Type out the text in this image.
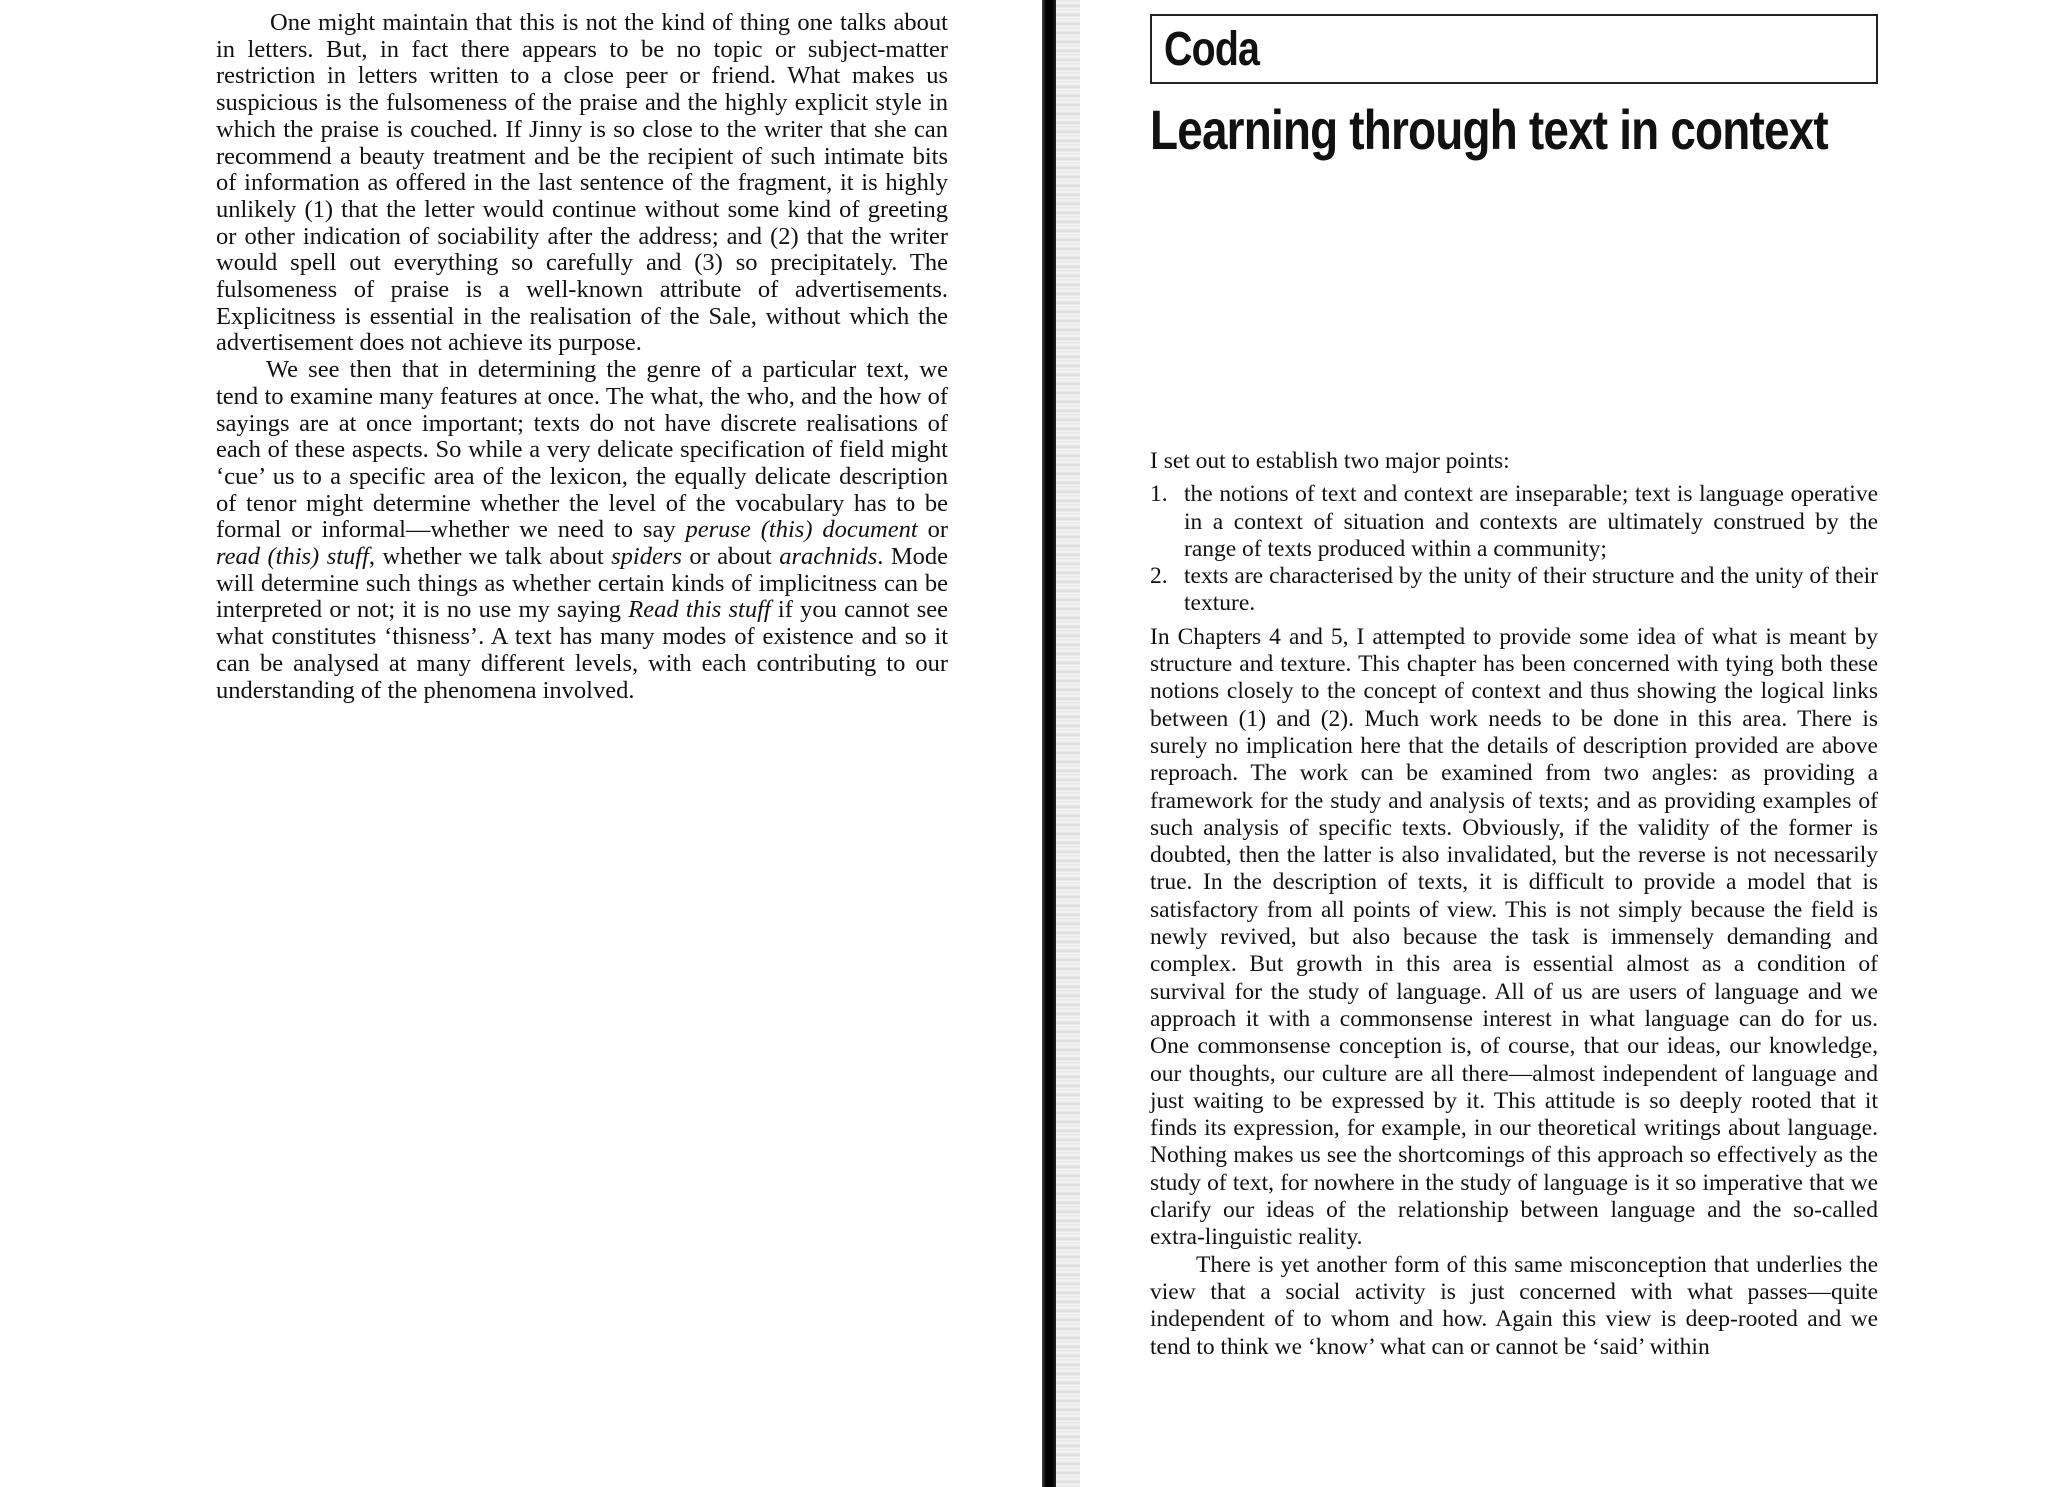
One might maintain that this is not the kind of thing one talks about in letters. But, in fact there appears to be no topic or subject-matter restriction in letters written to a close peer or friend. What makes us suspicious is the fulsomeness of the praise and the highly explicit style in which the praise is couched. If Jinny is so close to the writer that she can recommend a beauty treatment and be the recipient of such intimate bits of information as offered in the last sentence of the fragment, it is highly unlikely (1) that the letter would continue without some kind of greeting or other indication of sociability after the address; and (2) that the writer would spell out everything so carefully and (3) so precipitately. The fulsomeness of praise is a well-known attribute of advertisements. Explicitness is essential in the realisation of the Sale, without which the advertisement does not achieve its purpose.

We see then that in determining the genre of a particular text, we tend to examine many features at once. The what, the who, and the how of sayings are at once important; texts do not have discrete realisations of each of these aspects. So while a very delicate specification of field might ‘cue’ us to a specific area of the lexicon, the equally delicate description of tenor might determine whether the level of the vocabulary has to be formal or informal—whether we need to say peruse (this) document or read (this) stuff, whether we talk about spiders or about arachnids. Mode will determine such things as whether certain kinds of implicitness can be interpreted or not; it is no use my saying Read this stuff if you cannot see what constitutes ‘thisness’. A text has many modes of existence and so it can be analysed at many different levels, with each contributing to our understanding of the phenomena involved.

Coda
Learning through text in context

I set out to establish two major points:

1. the notions of text and context are inseparable; text is language operative in a context of situation and contexts are ultimately construed by the range of texts produced within a community;
2. texts are characterised by the unity of their structure and the unity of their texture.

In Chapters 4 and 5, I attempted to provide some idea of what is meant by structure and texture. This chapter has been concerned with tying both these notions closely to the concept of context and thus showing the logical links between (1) and (2). Much work needs to be done in this area. There is surely no implication here that the details of description provided are above reproach. The work can be examined from two angles: as providing a framework for the study and analysis of texts; and as providing examples of such analysis of specific texts. Obviously, if the validity of the former is doubted, then the latter is also invalidated, but the reverse is not necessarily true. In the description of texts, it is difficult to provide a model that is satisfactory from all points of view. This is not simply because the field is newly revived, but also because the task is immensely demanding and complex. But growth in this area is essential almost as a condition of survival for the study of language. All of us are users of language and we approach it with a commonsense interest in what language can do for us. One commonsense conception is, of course, that our ideas, our knowledge, our thoughts, our culture are all there—almost independent of language and just waiting to be expressed by it. This attitude is so deeply rooted that it finds its expression, for example, in our theoretical writings about language. Nothing makes us see the shortcomings of this approach so effectively as the study of text, for nowhere in the study of language is it so imperative that we clarify our ideas of the relationship between language and the so-called extra-linguistic reality.

There is yet another form of this same misconception that underlies the view that a social activity is just concerned with what passes—quite independent of to whom and how. Again this view is deep-rooted and we tend to think we ‘know’ what can or cannot be ‘said’ within
